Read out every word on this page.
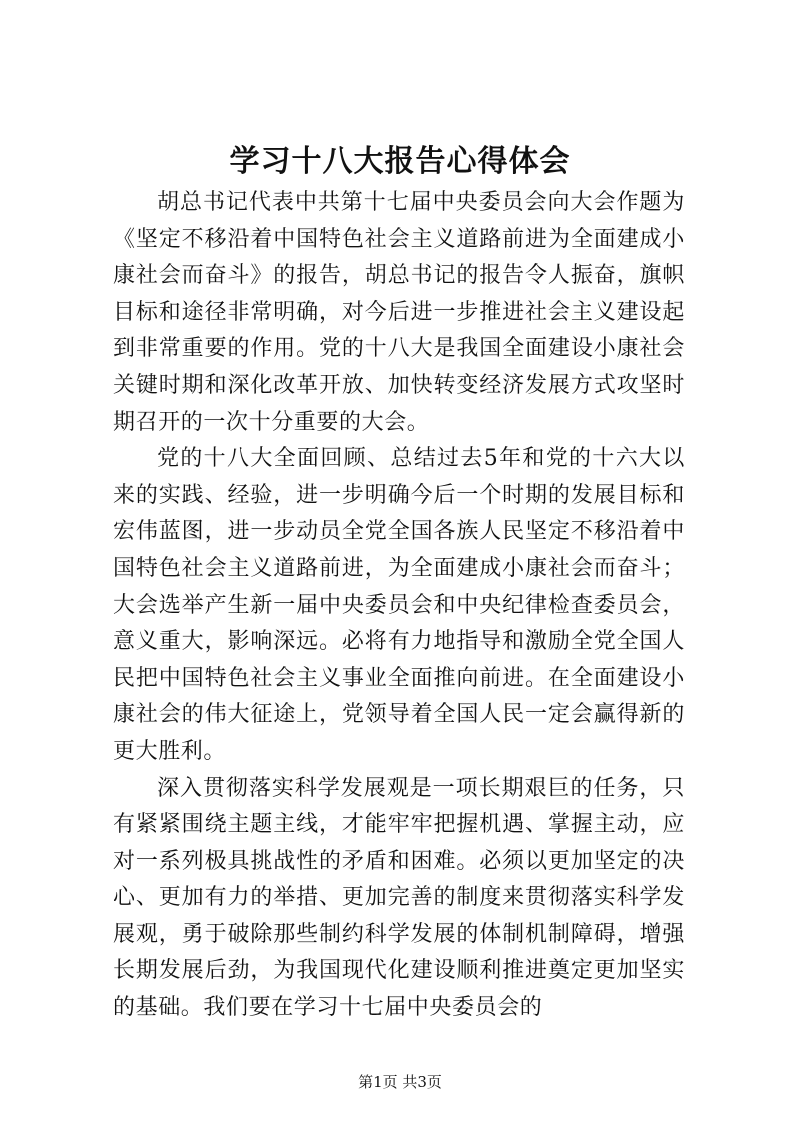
学习十八大报告心得体会

胡总书记代表中共第十七届中央委员会向大会作题为《坚定不移沿着中国特色社会主义道路前进为全面建成小康社会而奋斗》的报告，胡总书记的报告令人振奋，旗帜目标和途径非常明确，对今后进一步推进社会主义建设起到非常重要的作用。党的十八大是我国全面建设小康社会关键时期和深化改革开放、加快转变经济发展方式攻坚时期召开的一次十分重要的大会。

党的十八大全面回顾、总结过去5年和党的十六大以来的实践、经验，进一步明确今后一个时期的发展目标和宏伟蓝图，进一步动员全党全国各族人民坚定不移沿着中国特色社会主义道路前进，为全面建成小康社会而奋斗；大会选举产生新一届中央委员会和中央纪律检查委员会，意义重大，影响深远。必将有力地指导和激励全党全国人民把中国特色社会主义事业全面推向前进。在全面建设小康社会的伟大征途上，党领导着全国人民一定会赢得新的更大胜利。

深入贯彻落实科学发展观是一项长期艰巨的任务，只有紧紧围绕主题主线，才能牢牢把握机遇、掌握主动，应对一系列极具挑战性的矛盾和困难。必须以更加坚定的决心、更加有力的举措、更加完善的制度来贯彻落实科学发展观，勇于破除那些制约科学发展的体制机制障碍，增强长期发展后劲，为我国现代化建设顺利推进奠定更加坚实的基础。我们要在学习十七届中央委员会的

第1页 共3页
